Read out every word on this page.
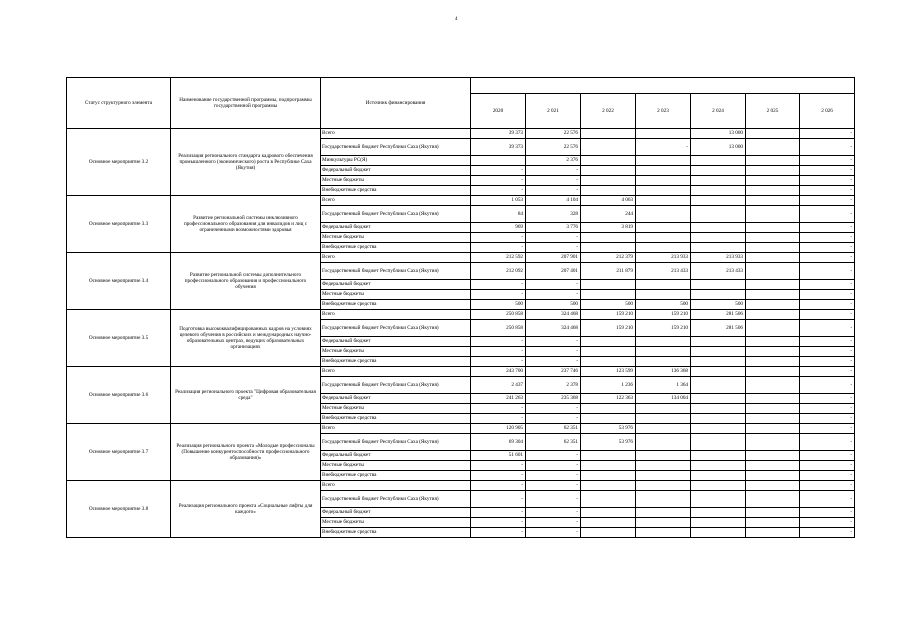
4
Статус структурного элемента	Наименование государственной программы, подпрограммы государственной программы	Источник финансирования							
			2020	2 021	2 022	2 023	2 024	2 025	2 026
Основное мероприятие 3.2	Реализация регионального стандарта кадрового обеспечения промышленного (экономического) роста в Республике Саха (Якутия)	Всего	39 373	22 576			13 000		-
		Государственный бюджет Республики Саха (Якутия)	39 373	22 576		-	13 000		-
		Минкультуры РС(Я)		2 376					-
		Федеральный бюджет	-	-					-
		Местные бюджеты	-	-					-
		Внебюджетные средства	-	-					-
Основное мероприятие 3.3	Развитие региональной системы инклюзивного профессионального образования для инвалидов и лиц с ограниченными возможностями здоровья	Всего	1 053	4 104	4 063				-
		Государственный бюджет Республики Саха (Якутия)	84	328	244				-
		Федеральный бюджет	969	3 776	3 819				-
		Местные бюджеты	-	-					-
		Внебюджетные средства	-	-					-
Основное мероприятие 3.4	Развитие региональной системы дополнительного профессионального образования и профессионального обучения	Всего	212 592	207 901	212 379	213 933	213 933		-
		Государственный бюджет Республики Саха (Якутия)	212 092	207 401	211 879	213 433	213 433		-
		Федеральный бюджет	-	-					-
		Местные бюджеты	-	-					-
		Внебюджетные средства	500	500	500	500	500		-
Основное мероприятие 3.5	Подготовка высококвалифицированных кадров на условиях целевого обучения в российских и международных научно-образовательных центрах, ведущих образовательных организациях	Всего	250 858	324 468	159 210	159 210	281 506		-
		Государственный бюджет Республики Саха (Якутия)	250 858	324 468	159 210	159 210	281 506		-
		Федеральный бюджет	-	-					-
		Местные бюджеты	-	-					-
		Внебюджетные средства	-	-					-
Основное мероприятие 3.6	Реализация регионального проекта "Цифровая образовательная среда"	Всего	243 700	237 746	123 599	136 368			-
		Государственный бюджет Республики Саха (Якутия)	2 437	2 378	1 236	1 364			-
		Федеральный бюджет	241 263	235 368	122 363	134 004			-
		Местные бюджеты	-	-					-
		Внебюджетные средства	-	-					-
Основное мероприятие 3.7	Реализация регионального проекта «Молодые профессионалы (Повышение конкурентоспособности профессионального образования)»	Всего	120 905	62 351	53 976				-
		Государственный бюджет Республики Саха (Якутия)	69 304	62 351	53 976				-
		Федеральный бюджет	51 601	-					-
		Местные бюджеты	-	-					-
		Внебюджетные средства	-	-					-
Основное мероприятие 3.8	Реализация регионального проекта «Социальные лифты для каждого»	Всего	-	-					-
		Государственный бюджет Республики Саха (Якутия)	-	-					-
		Федеральный бюджет	-	-					-
		Местные бюджеты	-	-					-
		Внебюджетные средства	-	-					-
